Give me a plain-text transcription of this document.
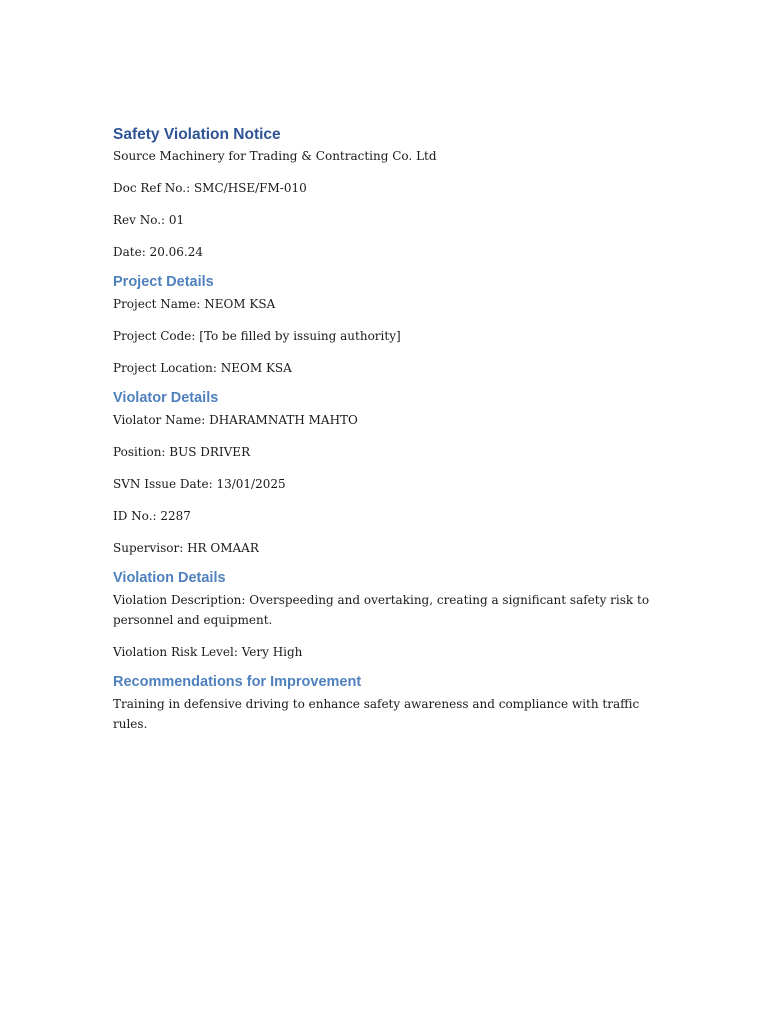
Safety Violation Notice
Source Machinery for Trading & Contracting Co. Ltd
Doc Ref No.: SMC/HSE/FM-010
Rev No.: 01
Date: 20.06.24
Project Details
Project Name: NEOM KSA
Project Code: [To be filled by issuing authority]
Project Location: NEOM KSA
Violator Details
Violator Name: DHARAMNATH MAHTO
Position: BUS DRIVER
SVN Issue Date: 13/01/2025
ID No.: 2287
Supervisor: HR OMAAR
Violation Details
Violation Description: Overspeeding and overtaking, creating a significant safety risk to
personnel and equipment.
Violation Risk Level: Very High
Recommendations for Improvement
Training in defensive driving to enhance safety awareness and compliance with traffic rules.
